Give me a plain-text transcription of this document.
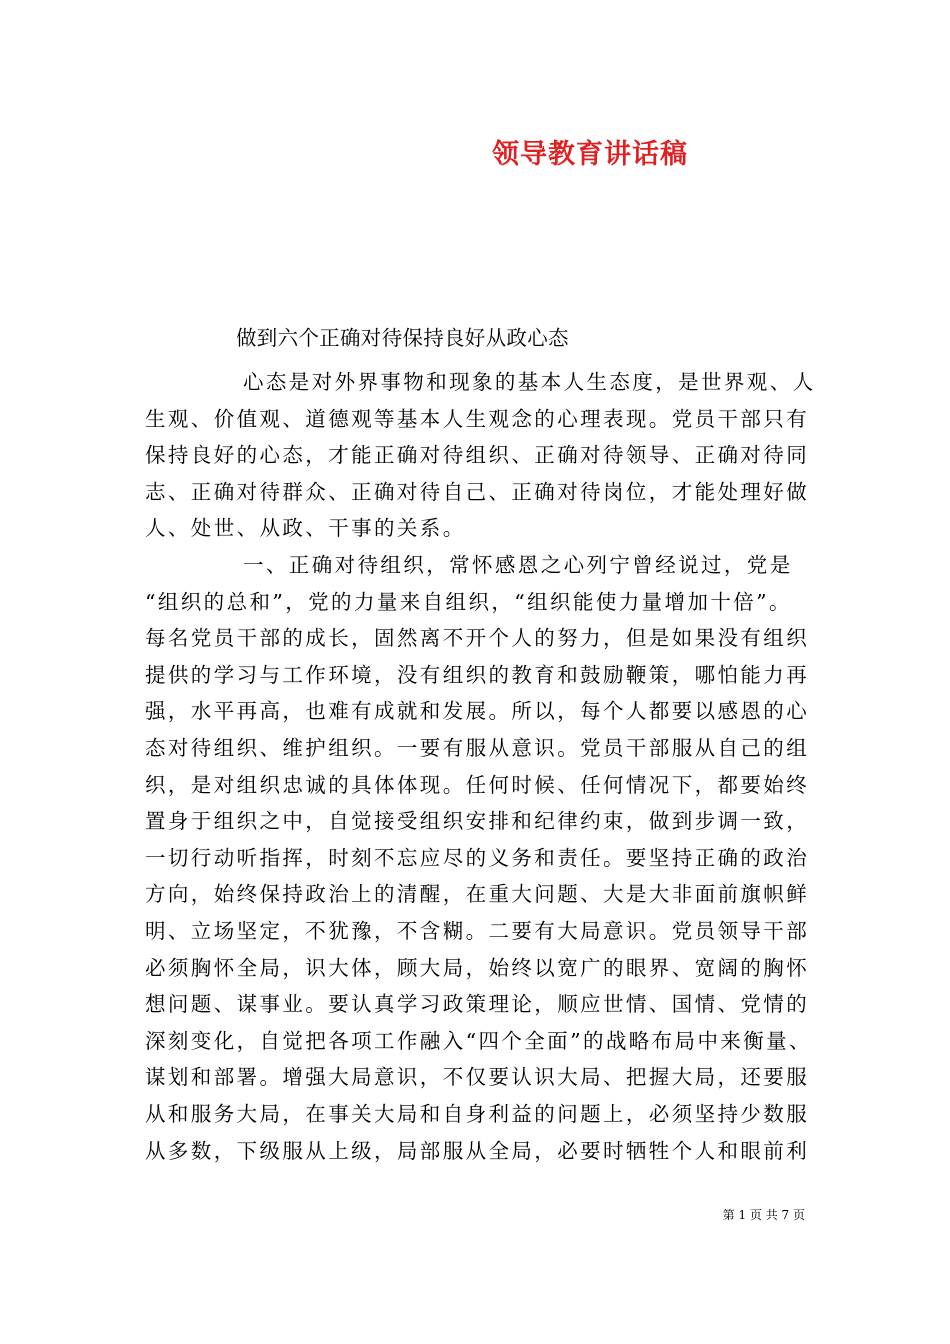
领导教育讲话稿
做到六个正确对待保持良好从政心态
心态是对外界事物和现象的基本人生态度，是世界观、人
生观、价值观、道德观等基本人生观念的心理表现。党员干部只有
保持良好的心态，才能正确对待组织、正确对待领导、正确对待同
志、正确对待群众、正确对待自己、正确对待岗位，才能处理好做
人、处世、从政、干事的关系。
一、正确对待组织，常怀感恩之心列宁曾经说过，党是
“组织的总和”，党的力量来自组织，“组织能使力量增加十倍”。
每名党员干部的成长，固然离不开个人的努力，但是如果没有组织
提供的学习与工作环境，没有组织的教育和鼓励鞭策，哪怕能力再
强，水平再高，也难有成就和发展。所以，每个人都要以感恩的心
态对待组织、维护组织。一要有服从意识。党员干部服从自己的组
织，是对组织忠诚的具体体现。任何时候、任何情况下，都要始终
置身于组织之中，自觉接受组织安排和纪律约束，做到步调一致，
一切行动听指挥，时刻不忘应尽的义务和责任。要坚持正确的政治
方向，始终保持政治上的清醒，在重大问题、大是大非面前旗帜鲜
明、立场坚定，不犹豫，不含糊。二要有大局意识。党员领导干部
必须胸怀全局，识大体，顾大局，始终以宽广的眼界、宽阔的胸怀
想问题、谋事业。要认真学习政策理论，顺应世情、国情、党情的
深刻变化，自觉把各项工作融入“四个全面”的战略布局中来衡量、
谋划和部署。增强大局意识，不仅要认识大局、把握大局，还要服
从和服务大局，在事关大局和自身利益的问题上，必须坚持少数服
从多数，下级服从上级，局部服从全局，必要时牺牲个人和眼前利
第 1 页 共 7 页
